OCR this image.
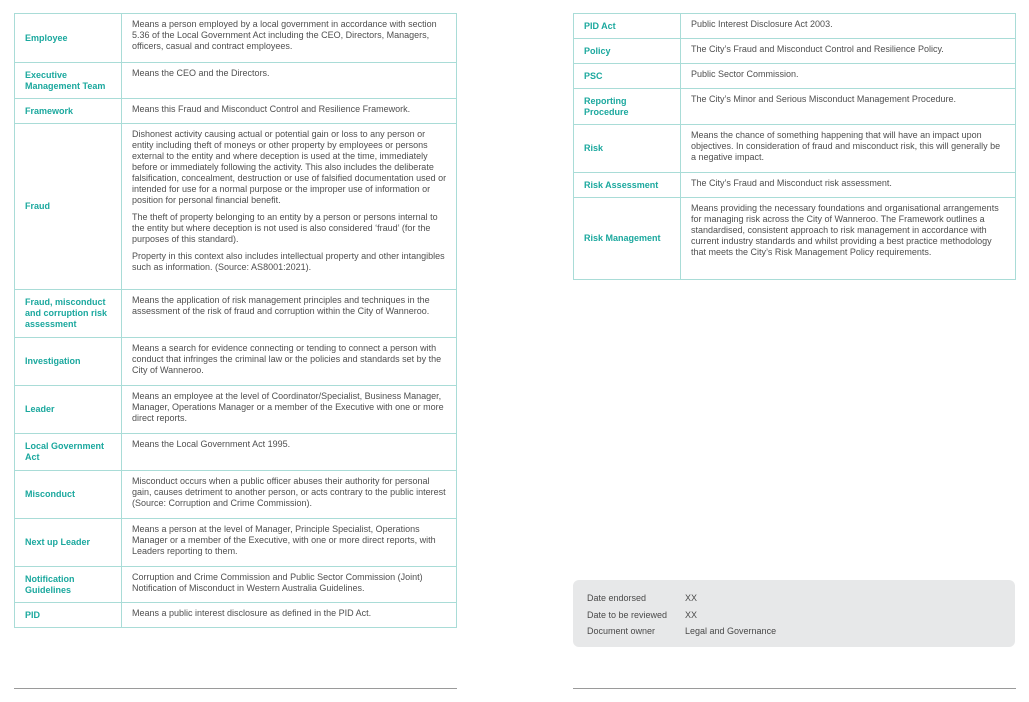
Employee	Means a person employed by a local government in accordance with section 5.36 of the Local Government Act including the CEO, Directors, Managers, officers, casual and contract employees.

Executive Management Team	Means the CEO and the Directors.

Framework	Means this Fraud and Misconduct Control and Resilience Framework.

Fraud	Dishonest activity causing actual or potential gain or loss to any person or entity including theft of moneys or other property by employees or persons external to the entity and where deception is used at the time, immediately before or immediately following the activity. This also includes the deliberate falsification, concealment, destruction or use of falsified documentation used or intended for use for a normal purpose or the improper use of information or position for personal financial benefit.

The theft of property belonging to an entity by a person or persons internal to the entity but where deception is not used is also considered ‘fraud’ (for the purposes of this standard).

Property in this context also includes intellectual property and other intangibles such as information. (Source: AS8001:2021).

Fraud, misconduct and corruption risk assessment	Means the application of risk management principles and techniques in the assessment of the risk of fraud and corruption within the City of Wanneroo.

Investigation	Means a search for evidence connecting or tending to connect a person with conduct that infringes the criminal law or the policies and standards set by the City of Wanneroo.

Leader	Means an employee at the level of Coordinator/Specialist, Business Manager, Manager, Operations Manager or a member of the Executive with one or more direct reports.

Local Government Act	Means the Local Government Act 1995.

Misconduct	Misconduct occurs when a public officer abuses their authority for personal gain, causes detriment to another person, or acts contrary to the public interest (Source: Corruption and Crime Commission).

Next up Leader	Means a person at the level of Manager, Principle Specialist, Operations Manager or a member of the Executive, with one or more direct reports, with Leaders reporting to them.

Notification Guidelines	Corruption and Crime Commission and Public Sector Commission (Joint) Notification of Misconduct in Western Australia Guidelines.

PID	Means a public interest disclosure as defined in the PID Act.

PID Act	Public Interest Disclosure Act 2003.

Policy	The City’s Fraud and Misconduct Control and Resilience Policy.

PSC	Public Sector Commission.

Reporting Procedure	The City’s Minor and Serious Misconduct Management Procedure.

Risk	Means the chance of something happening that will have an impact upon objectives. In consideration of fraud and misconduct risk, this will generally be a negative impact.

Risk Assessment	The City’s Fraud and Misconduct risk assessment.

Risk Management	Means providing the necessary foundations and organisational arrangements for managing risk across the City of Wanneroo. The Framework outlines a standardised, consistent approach to risk management in accordance with current industry standards and whilst providing a best practice methodology that meets the City’s Risk Management Policy requirements.

Date endorsed	XX
Date to be reviewed	XX
Document owner	Legal and Governance
